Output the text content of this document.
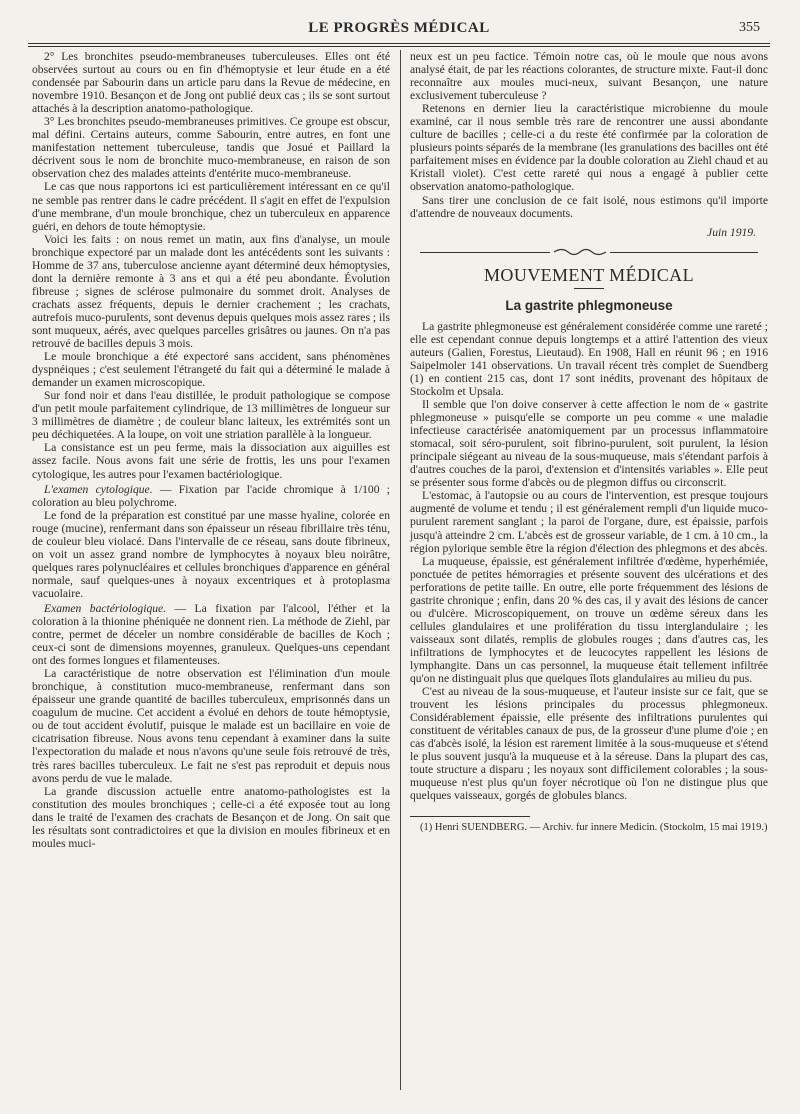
LE PROGRÈS MÉDICAL	355

2° Les bronchites pseudo-membraneuses tuberculeuses. Elles ont été observées surtout au cours ou en fin d'hémoptysie et leur étude en a été condensée par Sabourin dans un article paru dans la Revue de médecine, en novembre 1910. Besançon et de Jong ont publié deux cas ; ils se sont surtout attachés à la description anatomo-pathologique.

3° Les bronchites pseudo-membraneuses primitives. Ce groupe est obscur, mal défini. Certains auteurs, comme Sabourin, entre autres, en font une manifestation nettement tuberculeuse, tandis que Josué et Paillard la décrivent sous le nom de bronchite muco-membraneuse, en raison de son observation chez des malades atteints d'entérite muco-membraneuse.

Le cas que nous rapportons ici est particulièrement intéressant en ce qu'il ne semble pas rentrer dans le cadre précédent. Il s'agit en effet de l'expulsion d'une membrane, d'un moule bronchique, chez un tuberculeux en apparence guéri, en dehors de toute hémoptysie.

Voici les faits : on nous remet un matin, aux fins d'analyse, un moule bronchique expectoré par un malade dont les antécédents sont les suivants : Homme de 37 ans, tuberculose ancienne ayant déterminé deux hémoptysies, dont la dernière remonte à 3 ans et qui a été peu abondante. Évolution fibreuse ; signes de sclérose pulmonaire du sommet droit. Analyses de crachats assez fréquents, depuis le dernier crachement ; les crachats, autrefois muco-purulents, sont devenus depuis quelques mois assez rares ; ils sont muqueux, aérés, avec quelques parcelles grisâtres ou jaunes. On n'a pas retrouvé de bacilles depuis 3 mois.

Le moule bronchique a été expectoré sans accident, sans phénomènes dyspnéiques ; c'est seulement l'étrangeté du fait qui a déterminé le malade à demander un examen microscopique.

Sur fond noir et dans l'eau distillée, le produit pathologique se compose d'un petit moule parfaitement cylindrique, de 13 millimètres de longueur sur 3 millimètres de diamètre ; de couleur blanc laiteux, les extrémités sont un peu déchiquetées. A la loupe, on voit une striation parallèle à la longueur.

La consistance est un peu ferme, mais la dissociation aux aiguilles est assez facile. Nous avons fait une série de frottis, les uns pour l'examen cytologique, les autres pour l'examen bactériologique.

L'examen cytologique. — Fixation par l'acide chromique à 1/100 ; coloration au bleu polychrome.

Le fond de la préparation est constitué par une masse hyaline, colorée en rouge (mucine), renfermant dans son épaisseur un réseau fibrillaire très ténu, de couleur bleu violacé. Dans l'intervalle de ce réseau, sans doute fibrineux, on voit un assez grand nombre de lymphocytes à noyaux bleu noirâtre, quelques rares polynucléaires et cellules bronchiques d'apparence en général normale, sauf quelques-unes à noyaux excentriques et à protoplasma vacuolaire.

Examen bactériologique. — La fixation par l'alcool, l'éther et la coloration à la thionine phéniquée ne donnent rien. La méthode de Ziehl, par contre, permet de déceler un nombre considérable de bacilles de Koch ; ceux-ci sont de dimensions moyennes, granuleux. Quelques-uns cependant ont des formes longues et filamenteuses.

La caractéristique de notre observation est l'élimination d'un moule bronchique, à constitution muco-membraneuse, renfermant dans son épaisseur une grande quantité de bacilles tuberculeux, emprisonnés dans un coagulum de mucine. Cet accident a évolué en dehors de toute hémoptysie, ou de tout accident évolutif, puisque le malade est un bacillaire en voie de cicatrisation fibreuse. Nous avons tenu cependant à examiner dans la suite l'expectoration du malade et nous n'avons qu'une seule fois retrouvé de très, très rares bacilles tuberculeux. Le fait ne s'est pas reproduit et depuis nous avons perdu de vue le malade.

La grande discussion actuelle entre anatomo-pathologistes est la constitution des moules bronchiques ; celle-ci a été exposée tout au long dans le traité de l'examen des crachats de Besançon et de Jong. On sait que les résultats sont contradictoires et que la division en moules fibrineux et en moules muci-

neux est un peu factice. Témoin notre cas, où le moule que nous avons analysé était, de par les réactions colorantes, de structure mixte. Faut-il donc reconnaître aux moules muci-neux, suivant Besançon, une nature exclusivement tuberculeuse ?

Retenons en dernier lieu la caractéristique microbienne du moule examiné, car il nous semble très rare de rencontrer une aussi abondante culture de bacilles ; celle-ci a du reste été confirmée par la coloration de plusieurs points séparés de la membrane (les granulations des bacilles ont été parfaitement mises en évidence par la double coloration au Ziehl chaud et au Kristall violet). C'est cette rareté qui nous a engagé à publier cette observation anatomo-pathologique.

Sans tirer une conclusion de ce fait isolé, nous estimons qu'il importe d'attendre de nouveaux documents.

Juin 1919.
MOUVEMENT MÉDICAL
La gastrite phlegmoneuse

La gastrite phlegmoneuse est généralement considérée comme une rareté ; elle est cependant connue depuis longtemps et a attiré l'attention des vieux auteurs (Galien, Forestus, Lieutaud). En 1908, Hall en réunit 96 ; en 1916 Saipelmoler 141 observations. Un travail récent très complet de Suendberg (1) en contient 215 cas, dont 17 sont inédits, provenant des hôpitaux de Stockolm et Upsala.

Il semble que l'on doive conserver à cette affection le nom de « gastrite phlegmoneuse » puisqu'elle se comporte un peu comme « une maladie infectieuse caractérisée anatomiquement par un processus inflammatoire stomacal, soit séro-purulent, soit fibrino-purulent, soit purulent, la lésion principale siégeant au niveau de la sous-muqueuse, mais s'étendant parfois à d'autres couches de la paroi, d'extension et d'intensités variables ». Elle peut se présenter sous forme d'abcès ou de plegmon diffus ou circonscrit.

L'estomac, à l'autopsie ou au cours de l'intervention, est presque toujours augmenté de volume et tendu ; il est généralement rempli d'un liquide muco-purulent rarement sanglant ; la paroi de l'organe, dure, est épaissie, parfois jusqu'à atteindre 2 cm. L'abcès est de grosseur variable, de 1 cm. à 10 cm., la région pylorique semble être la région d'élection des phlegmons et des abcès.

La muqueuse, épaissie, est généralement infiltrée d'œdème, hyperhémiée, ponctuée de petites hémorragies et présente souvent des ulcérations et des perforations de petite taille. En outre, elle porte fréquemment des lésions de gastrite chronique ; enfin, dans 20 % des cas, il y avait des lésions de cancer ou d'ulcère. Microscopiquement, on trouve un œdème séreux dans les cellules glandulaires et une prolifération du tissu interglandulaire ; les vaisseaux sont dilatés, remplis de globules rouges ; dans d'autres cas, les infiltrations de lymphocytes et de leucocytes rappellent les lésions de lymphangite. Dans un cas personnel, la muqueuse était tellement infiltrée qu'on ne distinguait plus que quelques îlots glandulaires au milieu du pus.

C'est au niveau de la sous-muqueuse, et l'auteur insiste sur ce fait, que se trouvent les lésions principales du processus phlegmoneux. Considérablement épaissie, elle présente des infiltrations purulentes qui constituent de véritables canaux de pus, de la grosseur d'une plume d'oie ; en cas d'abcès isolé, la lésion est rarement limitée à la sous-muqueuse et s'étend le plus souvent jusqu'à la muqueuse et à la séreuse. Dans la plupart des cas, toute structure a disparu ; les noyaux sont difficilement colorables ; la sous-muqueuse n'est plus qu'un foyer nécrotique où l'on ne distingue plus que quelques vaisseaux, gorgés de globules blancs.

(1) Henri SUENDBERG. — Archiv. fur innere Medicin. (Stockolm, 15 mai 1919.)
